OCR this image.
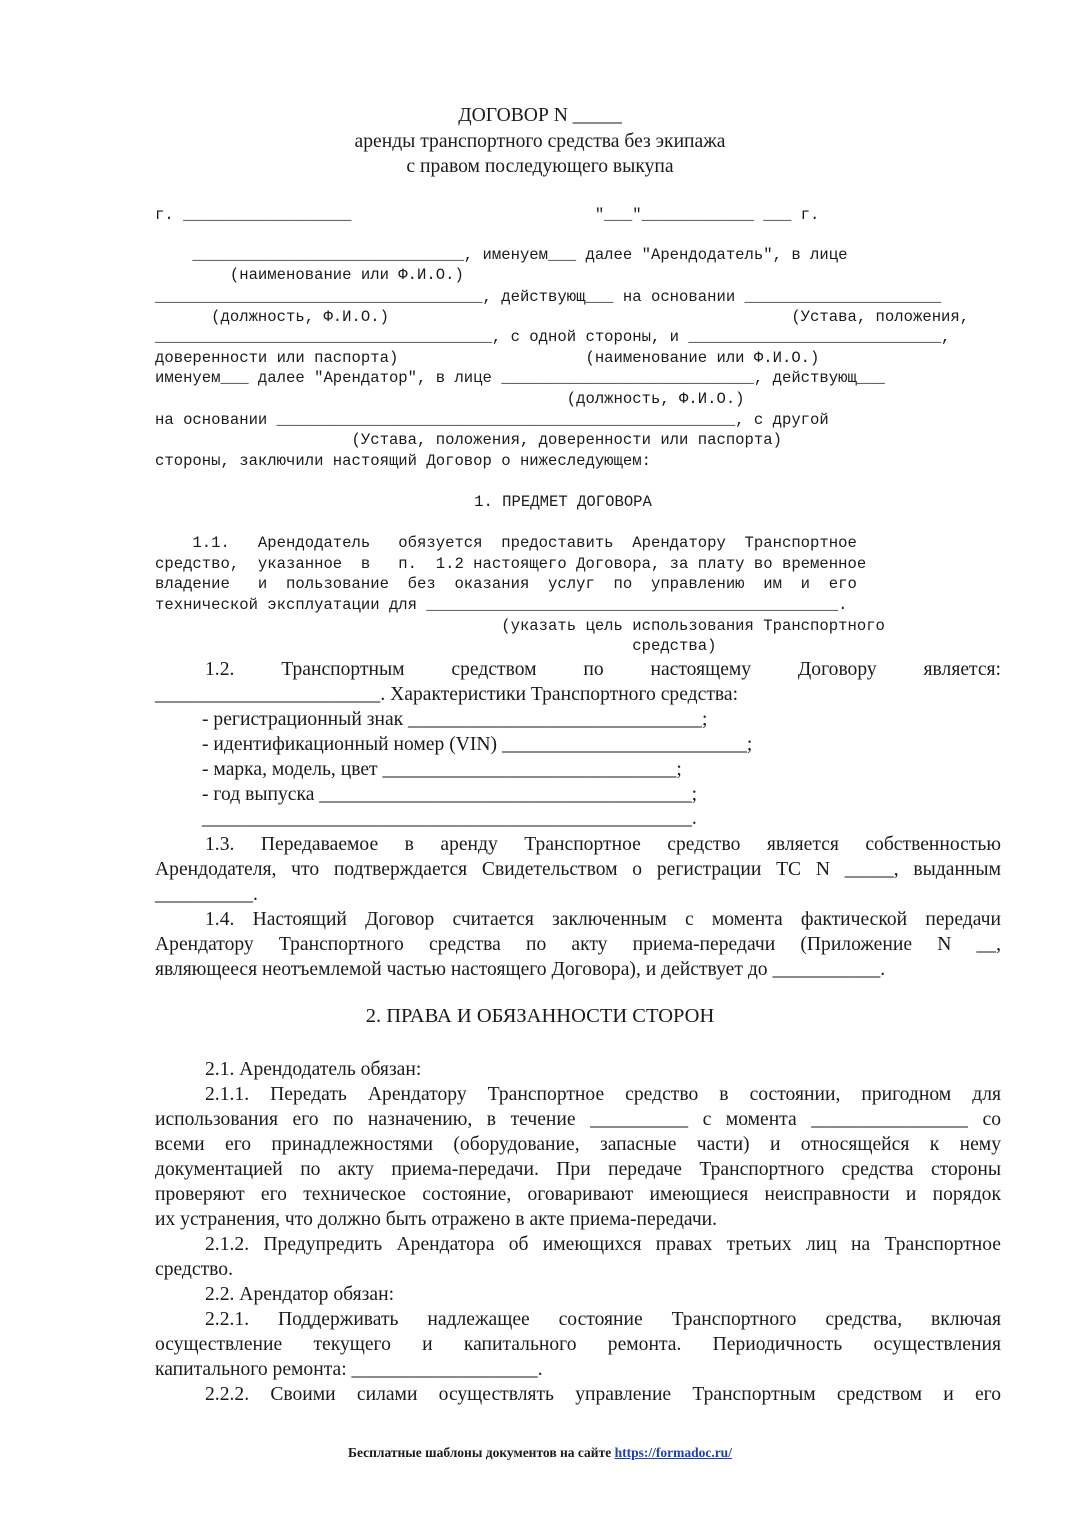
ДОГОВОР N _____
аренды транспортного средства без экипажа
с правом последующего выкупа
г. __________________                          "___"____________ ___ г.
_____________________________, именуем___ далее "Арендодатель", в лице
(наименование или Ф.И.О.)
___________________________________, действующ___ на основании _____________________
(должность, Ф.И.О.)                                           (Устава, положения,
____________________________________, с одной стороны, и ___________________________,
доверенности или паспорта)                    (наименование или Ф.И.О.)
именуем___ далее "Арендатор", в лице ___________________________, действующ___
(должность, Ф.И.О.)
на основании _________________________________________________, с другой
(Устава, положения, доверенности или паспорта)
стороны, заключили настоящий Договор о нижеследующем:
1. ПРЕДМЕТ ДОГОВОРА
1.1.   Арендодатель   обязуется  предоставить  Арендатору  Транспортное
средство,  указанное  в   п.  1.2 настоящего Договора, за плату во временное
владение   и  пользование  без  оказания  услуг  по  управлению  им  и  его
технической эксплуатации для ____________________________________________.
(указать цель использования Транспортного
средства)
1.2.  Транспортным  средством  по  настоящему  Договору  является:
_______________________. Характеристики Транспортного средства:
- регистрационный знак ______________________________;
- идентификационный номер (VIN) _________________________;
- марка, модель, цвет ______________________________;
- год выпуска ______________________________________;
__________________________________________________.
1.3. Передаваемое в аренду Транспортное средство является собственностью
Арендодателя, что подтверждается Свидетельством о регистрации ТС N _____, выданным
__________.
1.4. Настоящий Договор считается заключенным с момента фактической передачи
Арендатору Транспортного средства по акту приема-передачи (Приложение N __,
являющееся неотъемлемой частью настоящего Договора), и действует до ___________.
2. ПРАВА И ОБЯЗАННОСТИ СТОРОН
2.1. Арендодатель обязан:
2.1.1. Передать Арендатору Транспортное средство в состоянии, пригодном для
использования его по назначению, в течение __________ с момента ________________ со
всеми его принадлежностями (оборудование, запасные части) и относящейся к нему
документацией по акту приема-передачи. При передаче Транспортного средства стороны
проверяют его техническое состояние, оговаривают имеющиеся неисправности и порядок
их устранения, что должно быть отражено в акте приема-передачи.
2.1.2. Предупредить Арендатора об имеющихся правах третьих лиц на Транспортное
средство.
2.2. Арендатор обязан:
2.2.1. Поддерживать надлежащее состояние Транспортного средства, включая
осуществление текущего и капитального ремонта. Периодичность осуществления
капитального ремонта: ___________________.
2.2.2. Своими силами осуществлять управление Транспортным средством и его
Бесплатные шаблоны документов на сайте https://formadoc.ru/
